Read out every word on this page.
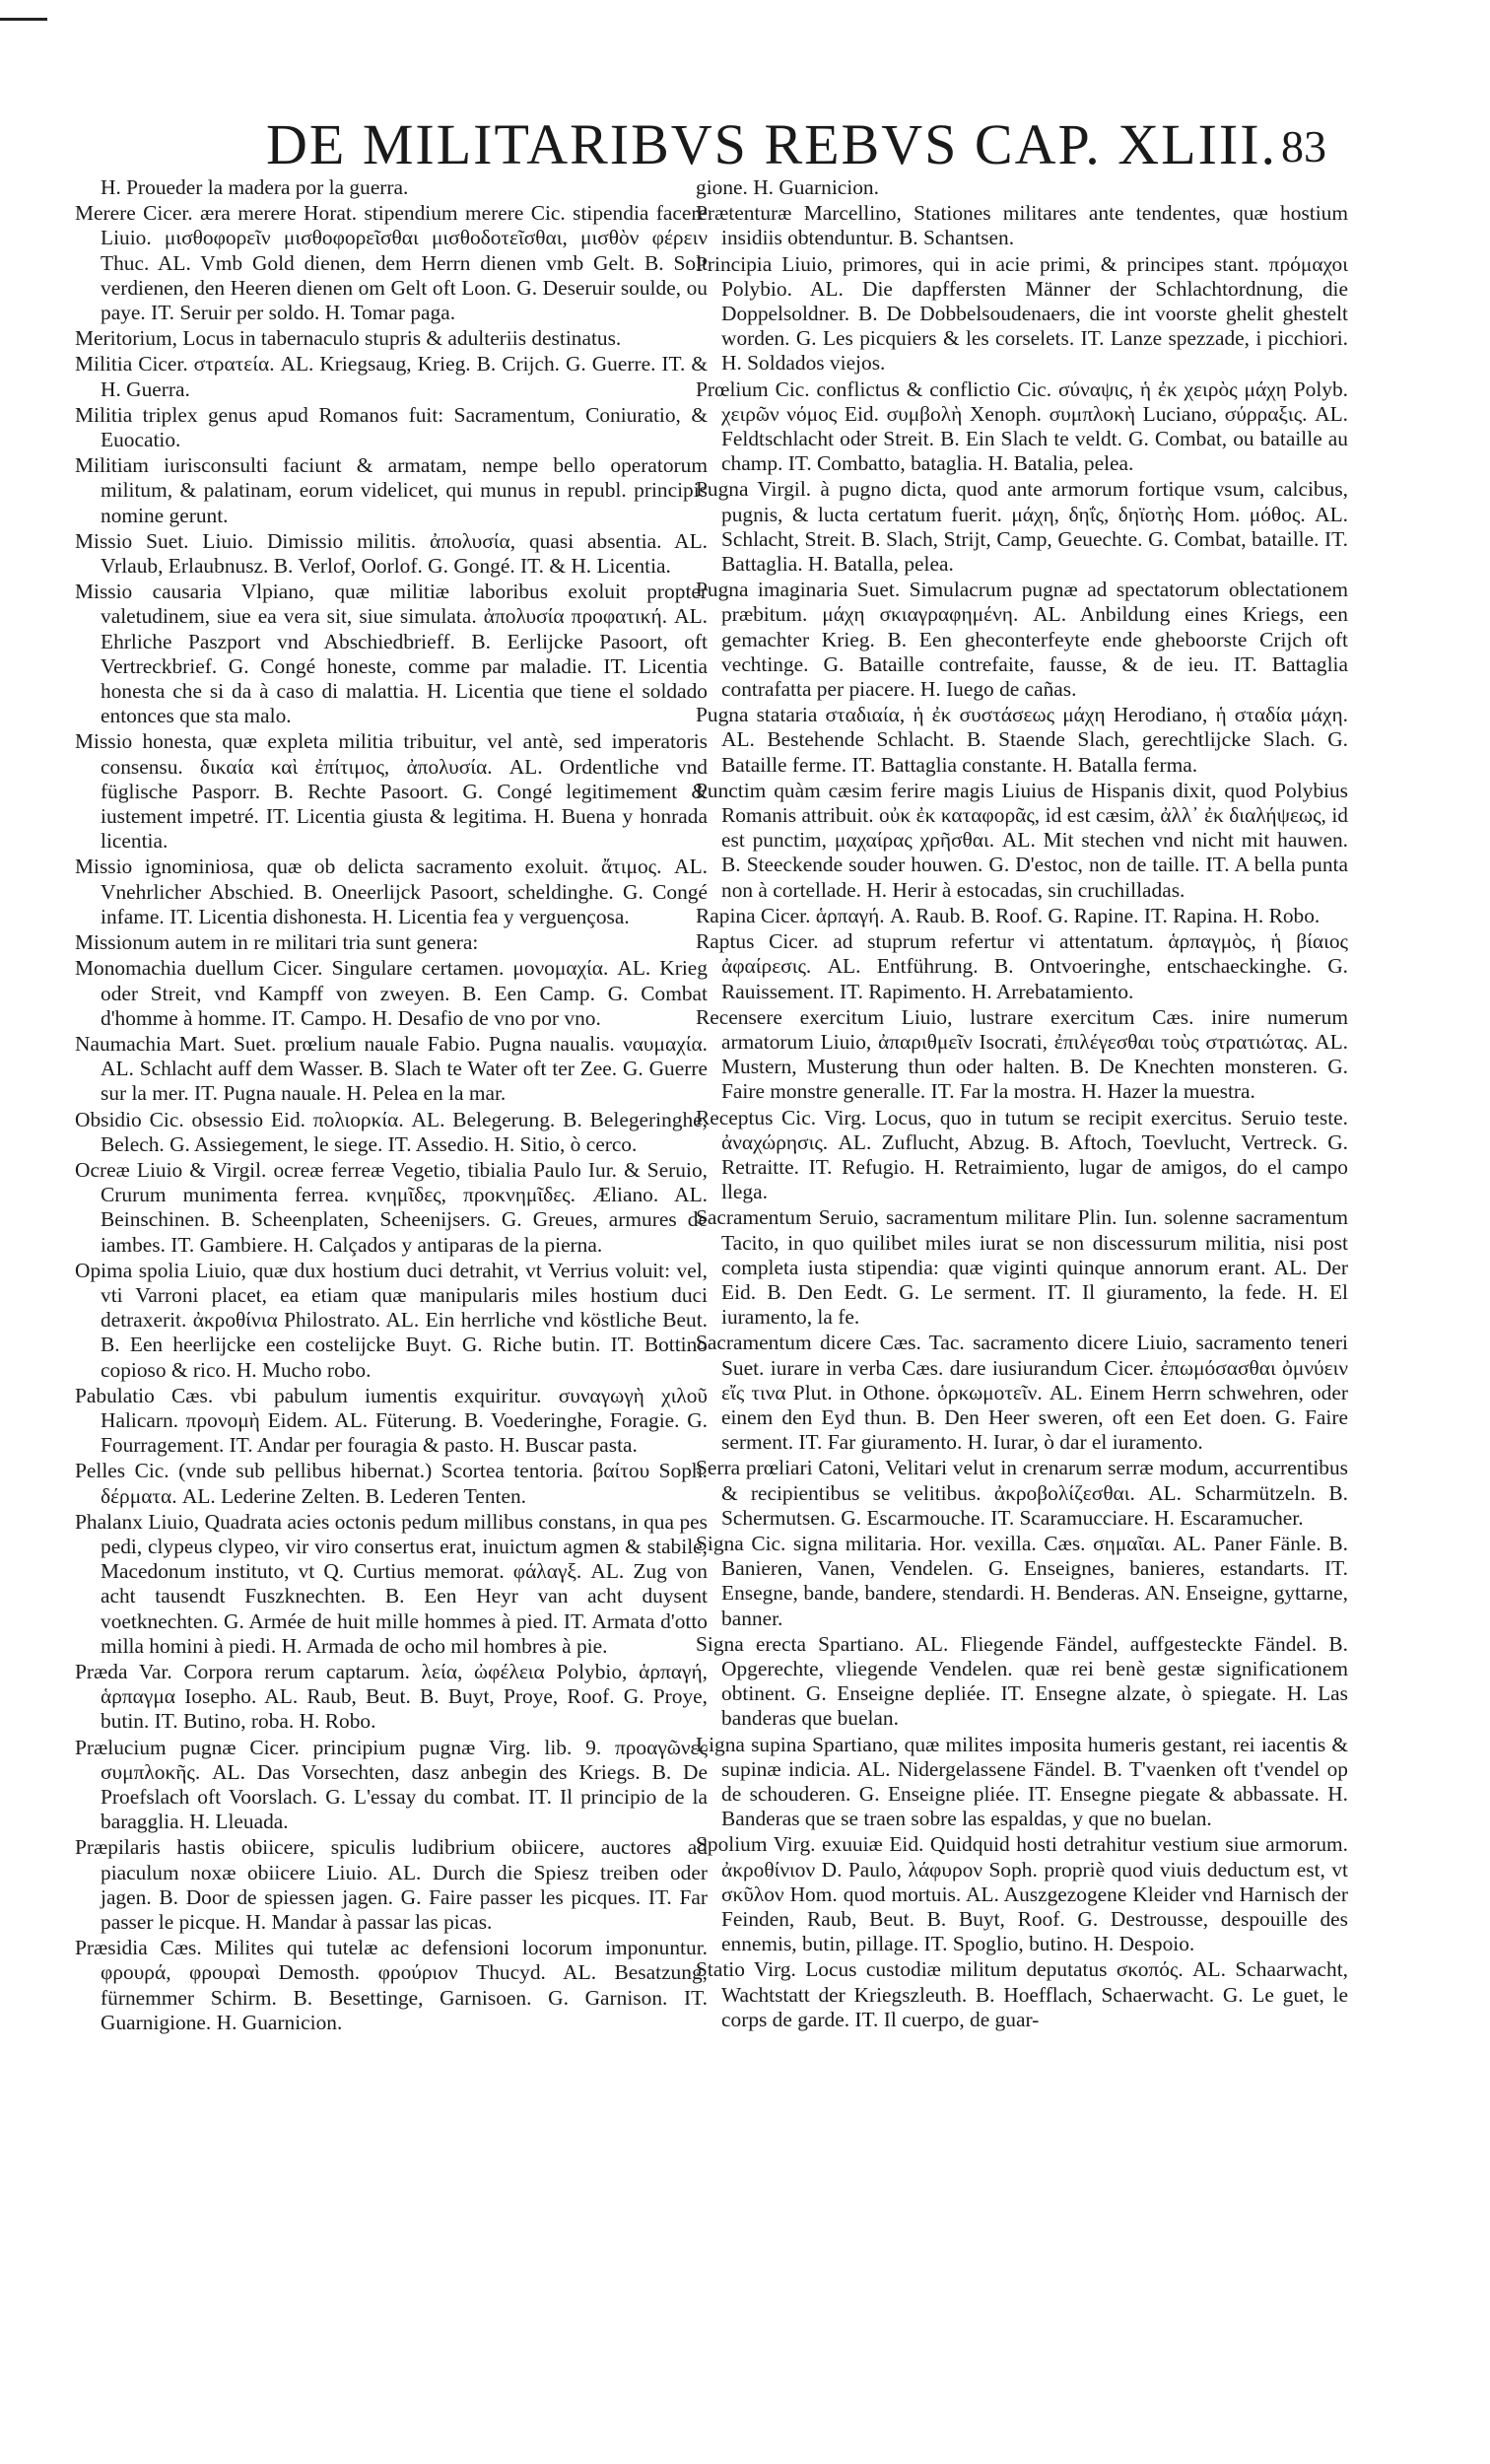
DE MILITARIBVS REBVS CAP. XLIII. 83
H. Proueder la madera por la guerra.
Merere Cicer. æra merere Horat. stipendium merere Cic. stipendia facere Liuio. μισθοφορεῖν μισθοφορεῖσθαι μισθοδοτεῖσθαι, μισθὸν φέρειν Thuc. AL. Vmb Gold dienen, dem Herrn dienen vmb Gelt. B. Solt verdienen, den Heeren dienen om Gelt oft Loon. G. Deseruir soulde, ou paye. IT. Seruir per soldo. H. Tomar paga.
Meritorium, Locus in tabernaculo stupris & adulteriis destinatus.
Militia Cicer. στρατεία. AL. Kriegsaug, Krieg. B. Crijch. G. Guerre. IT. & H. Guerra.
Militia triplex genus apud Romanos fuit: Sacramentum, Coniuratio, & Euocatio.
Militiam iurisconsulti faciunt & armatam, nempe bello operatorum militum, & palatinam, eorum videlicet, qui munus in republ. principis nomine gerunt.
Missio Suet. Liuio. Dimissio militis. ἀπολυσία, quasi absentia. AL. Vrlaub, Erlaubnusz. B. Verlof, Oorlof. G. Gongé. IT. & H. Licentia.
Missio causaria Vlpiano, quæ militiæ laboribus exoluit propter valetudinem, siue ea vera sit, siue simulata. ἀπολυσία προφατική. AL. Ehrliche Paszport vnd Abschiedbrieff. B. Eerlijcke Pasoort, oft Vertreckbrief. G. Congé honeste, comme par maladie. IT. Licentia honesta che si da à caso di malattia. H. Licentia que tiene el soldado entonces que sta malo.
Missio honesta, quæ expleta militia tribuitur, vel antè, sed imperatoris consensu. δικαία καὶ ἐπίτιμος, ἀπολυσία. AL. Ordentliche vnd füglische Pasporr. B. Rechte Pasoort. G. Congé legitimement & iustement impetré. IT. Licentia giusta & legitima. H. Buena y honrada licentia.
Missio ignominiosa, quæ ob delicta sacramento exoluit. ἄτιμος. AL. Vnehrlicher Abschied. B. Oneerlijck Pasoort, scheldinghe. G. Congé infame. IT. Licentia dishonesta. H. Licentia fea y verguençosa.
Missionum autem in re militari tria sunt genera:
Monomachia duellum Cicer. Singulare certamen. μονομαχία. AL. Krieg oder Streit, vnd Kampff von zweyen. B. Een Camp. G. Combat d'homme à homme. IT. Campo. H. Desafio de vno por vno.
Naumachia Mart. Suet. prœlium nauale Fabio. Pugna naualis. ναυμαχία. AL. Schlacht auff dem Wasser. B. Slach te Water oft ter Zee. G. Guerre sur la mer. IT. Pugna nauale. H. Pelea en la mar.
Obsidio Cic. obsessio Eid. πολιορκία. AL. Belegerung. B. Belegeringhe, Belech. G. Assiegement, le siege. IT. Assedio. H. Sitio, ò cerco.
Ocreæ Liuio & Virgil. ocreæ ferreæ Vegetio, tibialia Paulo Iur. & Seruio, Crurum munimenta ferrea. κνημῖδες, προκνημῖδες. Æliano. AL. Beinschinen. B. Scheenplaten, Scheenijsers. G. Greues, armures de iambes. IT. Gambiere. H. Calçados y antiparas de la pierna.
Opima spolia Liuio, quæ dux hostium duci detrahit, vt Verrius voluit: vel, vti Varroni placet, ea etiam quæ manipularis miles hostium duci detraxerit. ἀκροθίνια Philostrato. AL. Ein herrliche vnd köstliche Beut. B. Een heerlijcke een costelijcke Buyt. G. Riche butin. IT. Bottino copioso & rico. H. Mucho robo.
Pabulatio Cæs. vbi pabulum iumentis exquiritur. συναγωγὴ χιλοῦ Halicarn. προνομὴ Eidem. AL. Füterung. B. Voederinghe, Foragie. G. Fourragement. IT. Andar per fouragia & pasto. H. Buscar pasta.
Pelles Cic. (vnde sub pellibus hibernat.) Scortea tentoria. βαίτου Soph. δέρματα. AL. Lederine Zelten. B. Lederen Tenten.
Phalanx Liuio, Quadrata acies octonis pedum millibus constans, in qua pes pedi, clypeus clypeo, vir viro consertus erat, inuictum agmen & stabile, Macedonum instituto, vt Q. Curtius memorat. φάλαγξ. AL. Zug von acht tausendt Fuszknechten. B. Een Heyr van acht duysent voetknechten. G. Armée de huit mille hommes à pied. IT. Armata d'otto milla homini à piedi. H. Armada de ocho mil hombres à pie.
Præda Var. Corpora rerum captarum. λεία, ὠφέλεια Polybio, ἁρπαγή, ἁρπαγμα Iosepho. AL. Raub, Beut. B. Buyt, Proye, Roof. G. Proye, butin. IT. Butino, roba. H. Robo.
Prælucium pugnæ Cicer. principium pugnæ Virg. lib. 9. προαγῶνες συμπλοκῆς. AL. Das Vorsechten, dasz anbegin des Kriegs. B. De Proefslach oft Voorslach. G. L'essay du combat. IT. Il principio de la baragglia. H. Lleuada.
Præpilaris hastis obiicere, spiculis ludibrium obiicere, auctores ad piaculum noxæ obiicere Liuio. AL. Durch die Spiesz treiben oder jagen. B. Door de spiessen jagen. G. Faire passer les picques. IT. Far passer le picque. H. Mandar à passar las picas.
Præsidia Cæs. Milites qui tutelæ ac defensioni locorum imponuntur. φρουρά, φρουραὶ Demosth. φρούριον Thucyd. AL. Besatzung, fürnemmer Schirm. B. Besettinge, Garnisoen. G. Garnison. IT. Guarnigione. H. Guarnicion.
gione. H. Guarnicion.
Prætenturæ Marcellino, Stationes militares ante tendentes, quæ hostium insidiis obtenduntur. B. Schantsen.
Principia Liuio, primores, qui in acie primi, & principes stant. πρόμαχοι Polybio. AL. Die dapffersten Männer der Schlachtordnung, die Doppelsoldner. B. De Dobbelsoudenaers, die int voorste ghelit ghestelt worden. G. Les picquiers & les corselets. IT. Lanze spezzade, i picchiori. H. Soldados viejos.
Prœlium Cic. conflictus & conflictio Cic. σύναψις, ἡ ἐκ χειρὸς μάχη Polyb. χειρῶν νόμος Eid. συμβολὴ Xenoph. συμπλοκὴ Luciano, σύρραξις. AL. Feldtschlacht oder Streit. B. Ein Slach te veldt. G. Combat, ou bataille au champ. IT. Combatto, bataglia. H. Batalia, pelea.
Pugna Virgil. à pugno dicta, quod ante armorum fortique vsum, calcibus, pugnis, & lucta certatum fuerit. μάχη, δηΐς, δηϊοτὴς Hom. μόθος. AL. Schlacht, Streit. B. Slach, Strijt, Camp, Geuechte. G. Combat, bataille. IT. Battaglia. H. Batalla, pelea.
Pugna imaginaria Suet. Simulacrum pugnæ ad spectatorum oblectationem præbitum. μάχη σκιαγραφημένη. AL. Anbildung eines Kriegs, een gemachter Krieg. B. Een gheconterfeyte ende gheboorste Crijch oft vechtinge. G. Bataille contrefaite, fausse, & de ieu. IT. Battaglia contrafatta per piacere. H. Iuego de cañas.
Pugna stataria σταδιαία, ἡ ἐκ συστάσεως μάχη Herodiano, ἡ σταδία μάχη. AL. Bestehende Schlacht. B. Staende Slach, gerechtlijcke Slach. G. Bataille ferme. IT. Battaglia constante. H. Batalla ferma.
Punctim quàm cæsim ferire magis Liuius de Hispanis dixit, quod Polybius Romanis attribuit. οὐκ ἐκ καταφορᾶς, id est cæsim, ἀλλ᾽ ἐκ διαλήψεως, id est punctim, μαχαίρας χρῆσθαι. AL. Mit stechen vnd nicht mit hauwen. B. Steeckende souder houwen. G. D'estoc, non de taille. IT. A bella punta non à cortellade. H. Herir à estocadas, sin cruchilladas.
Rapina Cicer. ἁρπαγή. A. Raub. B. Roof. G. Rapine. IT. Rapina. H. Robo.
Raptus Cicer. ad stuprum refertur vi attentatum. ἁρπαγμὸς, ἡ βίαιος ἀφαίρεσις. AL. Entführung. B. Ontvoeringhe, entschaeckinghe. G. Rauissement. IT. Rapimento. H. Arrebatamiento.
Recensere exercitum Liuio, lustrare exercitum Cæs. inire numerum armatorum Liuio, ἀπαριθμεῖν Isocrati, ἐπιλέγεσθαι τοὺς στρατιώτας. AL. Mustern, Musterung thun oder halten. B. De Knechten monsteren. G. Faire monstre generalle. IT. Far la mostra. H. Hazer la muestra.
Receptus Cic. Virg. Locus, quo in tutum se recipit exercitus. Seruio teste. ἀναχώρησις. AL. Zuflucht, Abzug. B. Aftoch, Toevlucht, Vertreck. G. Retraitte. IT. Refugio. H. Retraimiento, lugar de amigos, do el campo llega.
Sacramentum Seruio, sacramentum militare Plin. Iun. solenne sacramentum Tacito, in quo quilibet miles iurat se non discessurum militia, nisi post completa iusta stipendia: quæ viginti quinque annorum erant. AL. Der Eid. B. Den Eedt. G. Le serment. IT. Il giuramento, la fede. H. El iuramento, la fe.
Sacramentum dicere Cæs. Tac. sacramento dicere Liuio, sacramento teneri Suet. iurare in verba Cæs. dare iusiurandum Cicer. ἐπωμόσασθαι ὀμνύειν εἴς τινα Plut. in Othone. ὁρκωμοτεῖν. AL. Einem Herrn schwehren, oder einem den Eyd thun. B. Den Heer sweren, oft een Eet doen. G. Faire serment. IT. Far giuramento. H. Iurar, ò dar el iuramento.
Serra prœliari Catoni, Velitari velut in crenarum serræ modum, accurrentibus & recipientibus se velitibus. ἀκροβολίζεσθαι. AL. Scharmützeln. B. Schermutsen. G. Escarmouche. IT. Scaramucciare. H. Escaramucher.
Signa Cic. signa militaria. Hor. vexilla. Cæs. σημαῖαι. AL. Paner Fänle. B. Banieren, Vanen, Vendelen. G. Enseignes, banieres, estandarts. IT. Ensegne, bande, bandere, stendardi. H. Benderas. AN. Enseigne, gyttarne, banner.
Signa erecta Spartiano. AL. Fliegende Fändel, auffgesteckte Fändel. B. Opgerechte, vliegende Vendelen. quæ rei benè gestæ significationem obtinent. G. Enseigne depliée. IT. Ensegne alzate, ò spiegate. H. Las banderas que buelan.
Ligna supina Spartiano, quæ milites imposita humeris gestant, rei iacentis & supinæ indicia. AL. Nidergelassene Fändel. B. T'vaenken oft t'vendel op de schouderen. G. Enseigne pliée. IT. Ensegne piegate & abbassate. H. Banderas que se traen sobre las espaldas, y que no buelan.
Spolium Virg. exuuiæ Eid. Quidquid hosti detrahitur vestium siue armorum. ἀκροθίνιον D. Paulo, λάφυρον Soph. propriè quod viuis deductum est, vt σκῦλον Hom. quod mortuis. AL. Auszgezogene Kleider vnd Harnisch der Feinden, Raub, Beut. B. Buyt, Roof. G. Destrousse, despouille des ennemis, butin, pillage. IT. Spoglio, butino. H. Despoio.
Statio Virg. Locus custodiæ militum deputatus σκοπός. AL. Schaarwacht, Wachtstatt der Kriegszleuth. B. Hoefflach, Schaerwacht. G. Le guet, le corps de garde. IT. Il cuerpo, de guar-
